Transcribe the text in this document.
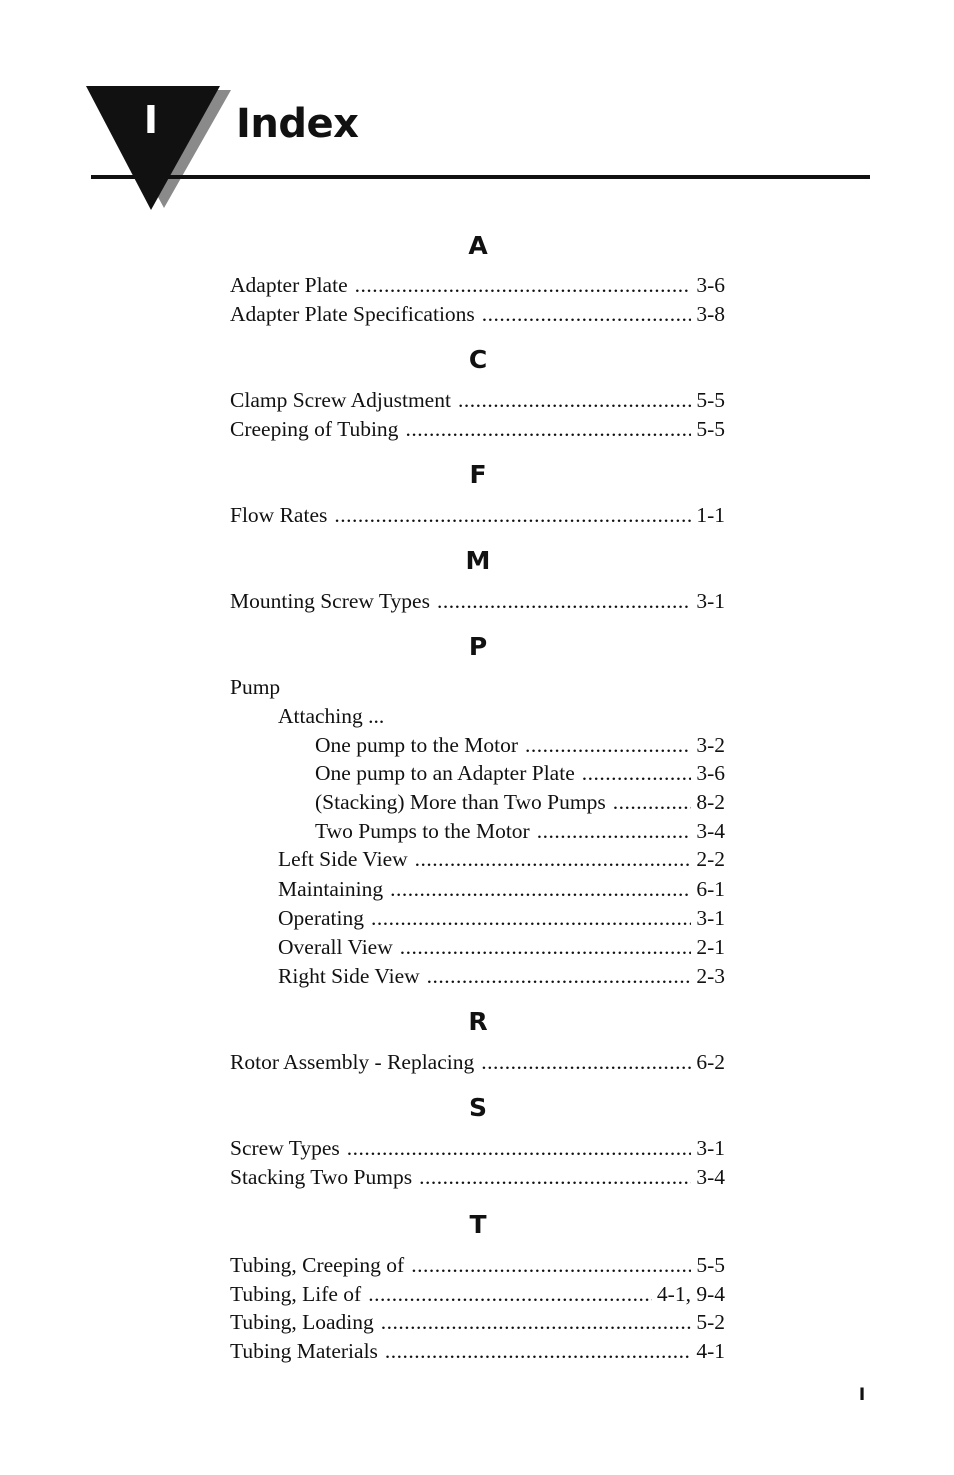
I Index
A
Adapter Plate .....	3-6
Adapter Plate Specifications .....	3-8
C
Clamp Screw Adjustment .....	5-5
Creeping of Tubing .....	5-5
F
Flow Rates .....	1-1
M
Mounting Screw Types .....	3-1
P
Pump
Attaching ...
One pump to the Motor .....	3-2
One pump to an Adapter Plate .....	3-6
(Stacking) More than Two Pumps .....	8-2
Two Pumps to the Motor .....	3-4
Left Side View .....	2-2
Maintaining .....	6-1
Operating .....	3-1
Overall View .....	2-1
Right Side View .....	2-3
R
Rotor Assembly - Replacing .....	6-2
S
Screw Types .....	3-1
Stacking Two Pumps .....	3-4
T
Tubing, Creeping of .....	5-5
Tubing, Life of .....	4-1, 9-4
Tubing, Loading .....	5-2
Tubing Materials .....	4-1
I
